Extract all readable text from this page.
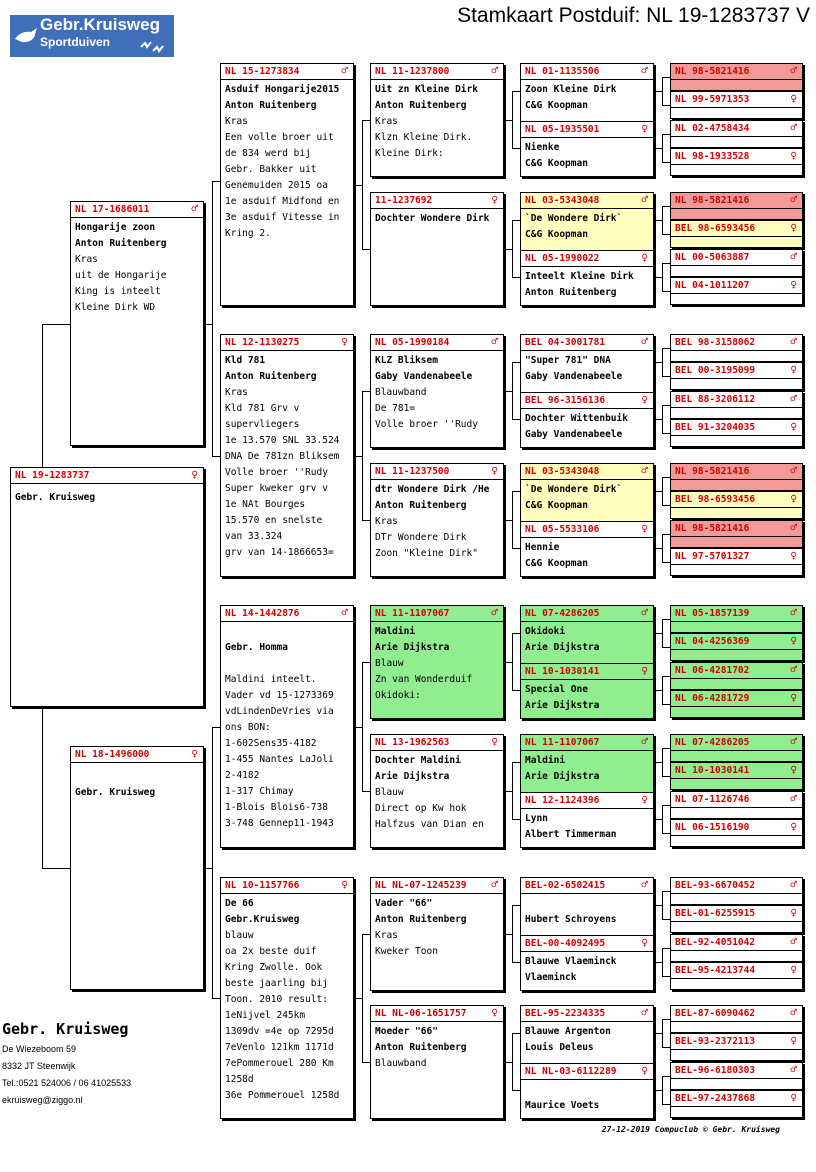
Gebr.Kruisweg
Sportduiven
Stamkaart Postduif: NL 19-1283737 V
NL 19-1283737	♀
Gebr. Kruisweg
NL 17-1686011	♂
Hongarije zoon
Anton Ruitenberg
Kras
uit de Hongarije
King is inteelt
Kleine Dirk WD
NL 18-1496000	♀

Gebr. Kruisweg
NL 15-1273834	♂
Asduif Hongarije2015
Anton Ruitenberg
Kras
Een volle broer uit
de 834 werd bij
Gebr. Bakker uit
Genemuiden 2015 oa
1e asduif Midfond en
3e asduif Vitesse in
Kring 2.
NL 12-1130275	♀
Kld 781
Anton Ruitenberg
Kras
Kld 781 Grv v
supervliegers
1e 13.570 SNL 33.524
DNA De 781zn Bliksem
Volle broer ''Rudy
Super kweker grv v
1e NAt Bourges
15.570 en snelste
van 33.324
grv van 14-1866653=
NL 14-1442876	♂

Gebr. Homma

Maldini inteelt.
Vader vd 15-1273369
vdLindenDeVries via
ons BON:
1-602Sens35-4182
1-455 Nantes LaJoli
2-4182
1-317 Chimay
1-Blois Blois6-738
3-748 Gennep11-1943
NL 10-1157766	♀
De 66
Gebr.Kruisweg
blauw
oa 2x beste duif
Kring Zwolle. Ook
beste jaarling bij
Toon. 2010 result:
1eNijvel 245km
1309dv =4e op 7295d
7eVenlo 121km 1171d
7ePommerouel 280 Km
1258d
36e Pommerouel 1258d
NL 11-1237800	♂
Uit zn Kleine Dirk
Anton Ruitenberg
Kras
Klzn Kleine Dirk.
Kleine Dirk:
11-1237692	♀
Dochter Wondere Dirk
NL 05-1990184	♂
KLZ Bliksem
Gaby Vandenabeele
Blauwband
De 781=
Volle broer ''Rudy
NL 11-1237500	♀
dtr Wondere Dirk /He
Anton Ruitenberg
Kras
DTr Wondere Dirk
Zoon "Kleine Dirk"
NL 11-1107067	♂
Maldini
Arie Dijkstra
Blauw
Zn van Wonderduif
Okidoki:
NL 13-1962563	♀
Dochter Maldini
Arie Dijkstra
Blauw
Direct op Kw hok
Halfzus van Dian en
NL NL-07-1245239 ♂
Vader "66"
Anton Ruitenberg
Kras
Kweker Toon
NL NL-06-1651757 ♀
Moeder "66"
Anton Ruitenberg
Blauwband
NL 01-1135506	♂
Zoon Kleine Dirk
C&G Koopman
NL 05-1935501	♀
Nienke
C&G Koopman
NL 03-5343048	♂
`De Wondere Dirk`
C&G Koopman
NL 05-1990022	♀
Inteelt Kleine Dirk
Anton Ruitenberg
BEL 04-3001781	♂
"Super 781" DNA
Gaby Vandenabeele
BEL 96-3156136	♀
Dochter Wittenbuik
Gaby Vandenabeele
NL 03-5343048	♂
`De Wondere Dirk`
C&G Koopman
NL 05-5533106	♀
Hennie
C&G Koopman
NL 07-4286205	♂
Okidoki
Arie Dijkstra
NL 10-1030141	♀
Special One
Arie Dijkstra
NL 11-1107067	♂
Maldini
Arie Dijkstra
NL 12-1124396	♀
Lynn
Albert Timmerman
BEL-02-6502415	♂

Hubert Schroyens
BEL-00-4092495	♀
Blauwe Vlaeminck
Vlaeminck
BEL-95-2234335	♂
Blauwe Argenton
Louis Deleus
NL NL-03-6112289 ♀

Maurice Voets
NL 98-5821416	♂
NL 99-5971353	♀
NL 02-4758434	♂
NL 98-1933528	♀
NL 98-5821416	♂
BEL 98-6593456	♀
NL 00-5063887	♂
NL 04-1011207	♀
BEL 98-3158062	♂
BEL 00-3195099	♀
BEL 88-3206112	♂
BEL 91-3204035	♀
NL 98-5821416	♂
BEL 98-6593456	♀
NL 98-5821416	♂
NL 97-5701327	♀
NL 05-1857139	♂
NL 04-4256369	♀
NL 06-4281702	♂
NL 06-4281729	♀
NL 07-4286205	♂
NL 10-1030141	♀
NL 07-1126746	♂
NL 06-1516190	♀
BEL-93-6670452	♂
BEL-01-6255915	♀
BEL-92-4051042	♂
BEL-95-4213744	♀
BEL-87-6090462	♂
BEL-93-2372113	♀
BEL-96-6180303	♂
BEL-97-2437868	♀
Gebr. Kruisweg
De Wiezeboom 59
8332 JT Steenwijk
Tel.:0521 524006 / 06 41025533
ekruisweg@ziggo.nl
27-12-2019 Compuclub © Gebr. Kruisweg
